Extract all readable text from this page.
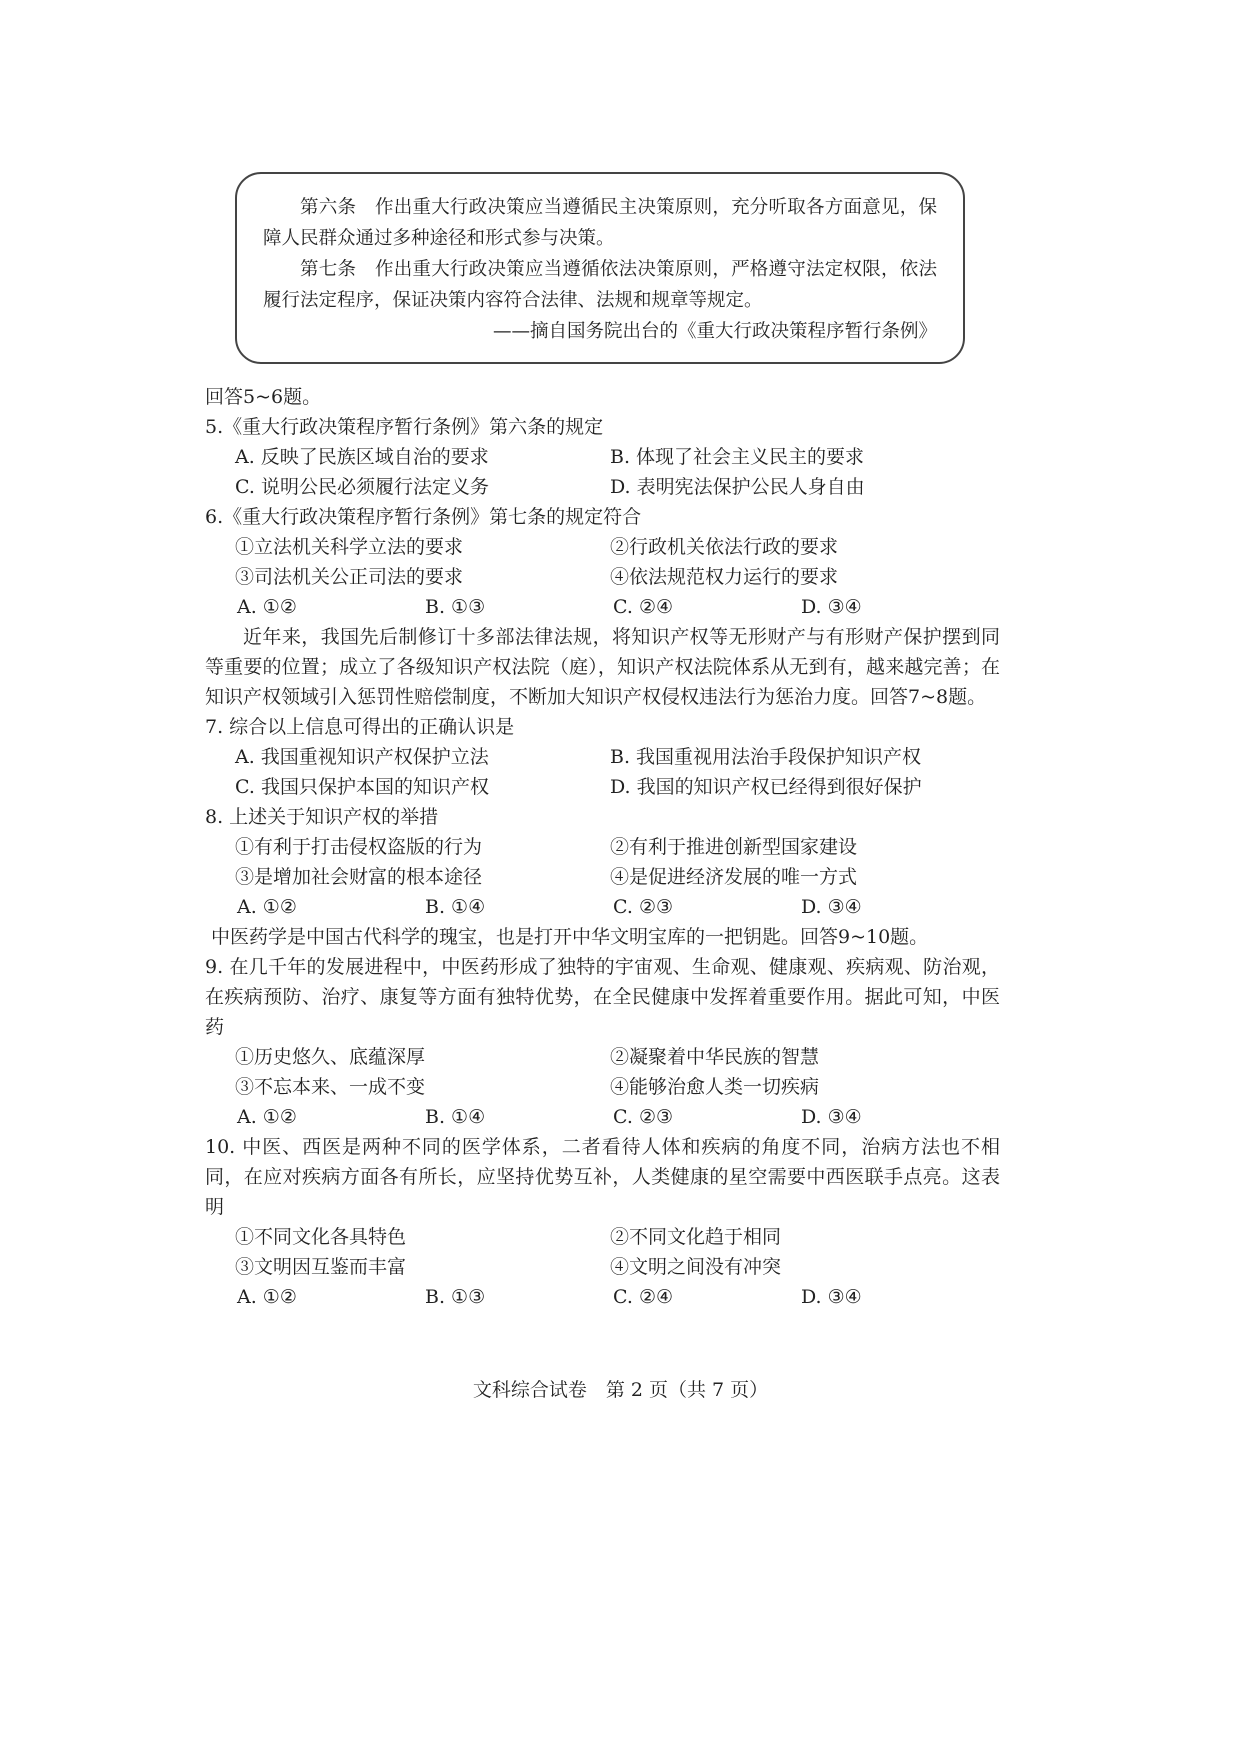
第六条　作出重大行政决策应当遵循民主决策原则，充分听取各方面意见，保障人民群众通过多种途径和形式参与决策。

第七条　作出重大行政决策应当遵循依法决策原则，严格遵守法定权限，依法履行法定程序，保证决策内容符合法律、法规和规章等规定。

——摘自国务院出台的《重大行政决策程序暂行条例》

回答5~6题。
5.《重大行政决策程序暂行条例》第六条的规定
A. 反映了民族区域自治的要求	B. 体现了社会主义民主的要求
C. 说明公民必须履行法定义务	D. 表明宪法保护公民人身自由
6.《重大行政决策程序暂行条例》第七条的规定符合
①立法机关科学立法的要求	②行政机关依法行政的要求
③司法机关公正司法的要求	④依法规范权力运行的要求
A. ①②	B. ①③	C. ②④	D. ③④

近年来，我国先后制修订十多部法律法规，将知识产权等无形财产与有形财产保护摆到同等重要的位置；成立了各级知识产权法院（庭），知识产权法院体系从无到有，越来越完善；在知识产权领域引入惩罚性赔偿制度，不断加大知识产权侵权违法行为惩治力度。回答7~8题。

7. 综合以上信息可得出的正确认识是
A. 我国重视知识产权保护立法	B. 我国重视用法治手段保护知识产权
C. 我国只保护本国的知识产权	D. 我国的知识产权已经得到很好保护
8. 上述关于知识产权的举措
①有利于打击侵权盗版的行为	②有利于推进创新型国家建设
③是增加社会财富的根本途径	④是促进经济发展的唯一方式
A. ①②	B. ①④	C. ②③	D. ③④
中医药学是中国古代科学的瑰宝，也是打开中华文明宝库的一把钥匙。回答9~10题。

9. 在几千年的发展进程中，中医药形成了独特的宇宙观、生命观、健康观、疾病观、防治观，在疾病预防、治疗、康复等方面有独特优势，在全民健康中发挥着重要作用。据此可知，中医药

①历史悠久、底蕴深厚	②凝聚着中华民族的智慧
③不忘本来、一成不变	④能够治愈人类一切疾病
A. ①②	B. ①④	C. ②③	D. ③④

10. 中医、西医是两种不同的医学体系，二者看待人体和疾病的角度不同，治病方法也不相同，在应对疾病方面各有所长，应坚持优势互补，人类健康的星空需要中西医联手点亮。这表明

①不同文化各具特色	②不同文化趋于相同
③文明因互鉴而丰富	④文明之间没有冲突
A. ①②	B. ①③	C. ②④	D. ③④
文科综合试卷　第 2 页（共 7 页）
